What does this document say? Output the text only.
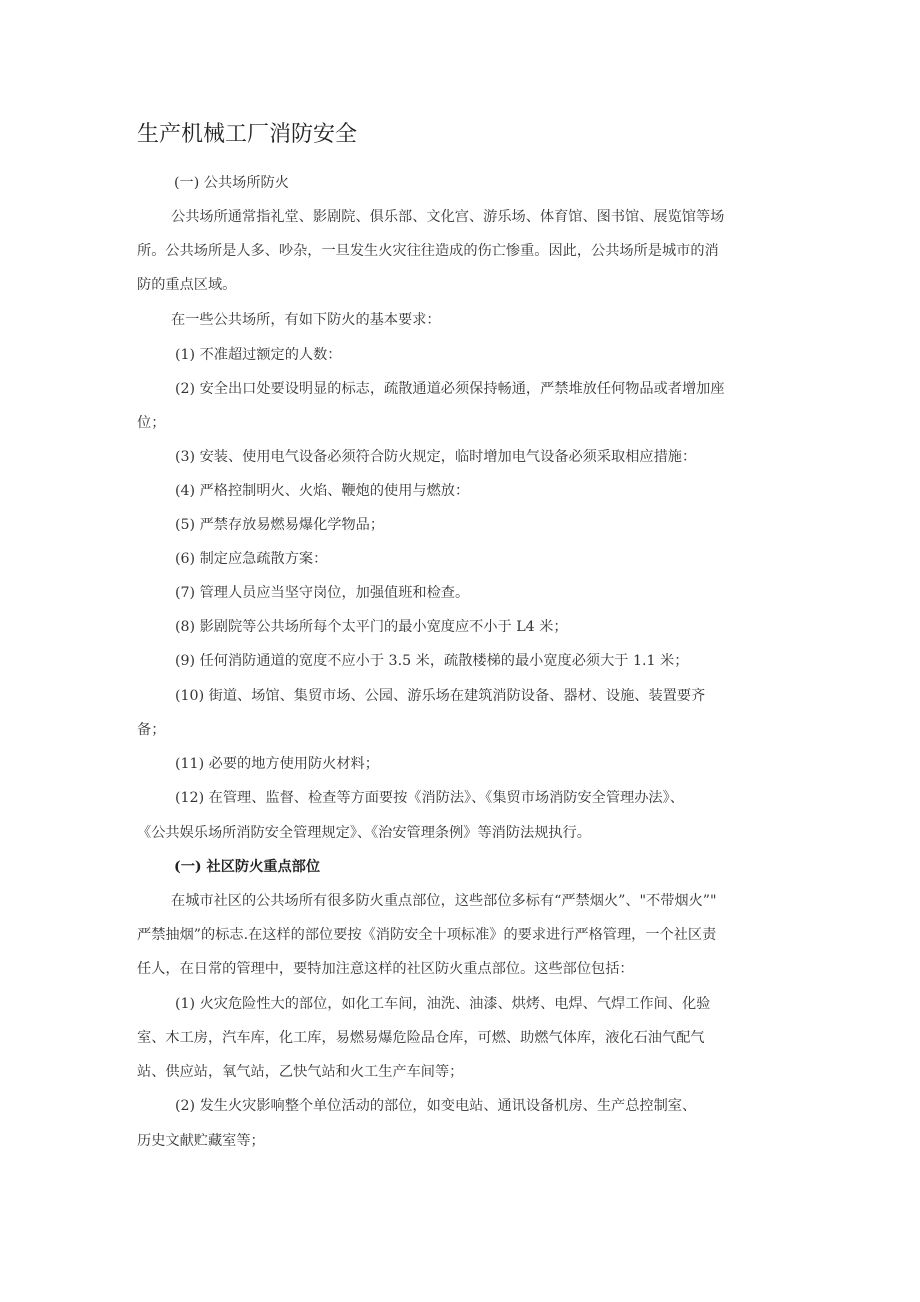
生产机械工厂消防安全
(一) 公共场所防火
公共场所通常指礼堂、影剧院、俱乐部、文化宫、游乐场、体育馆、图书馆、展览馆等场
所。公共场所是人多、吵杂，一旦发生火灾往往造成的伤亡惨重。因此，公共场所是城市的消
防的重点区域。
在一些公共场所，有如下防火的基本要求：
(1) 不准超过额定的人数：
(2) 安全出口处要设明显的标志，疏散通道必须保持畅通，严禁堆放任何物品或者增加座
位；
(3) 安装、使用电气设备必须符合防火规定，临时增加电气设备必须采取相应措施：
(4) 严格控制明火、火焰、鞭炮的使用与燃放：
(5) 严禁存放易燃易爆化学物品；
(6) 制定应急疏散方案：
(7) 管理人员应当坚守岗位，加强值班和检查。
(8) 影剧院等公共场所每个太平门的最小宽度应不小于 L4 米；
(9) 任何消防通道的宽度不应小于 3.5 米，疏散楼梯的最小宽度必须大于 1.1 米；
(10) 街道、场馆、集贸市场、公园、游乐场在建筑消防设备、器材、设施、装置要齐
备；
(11) 必要的地方使用防火材料；
(12) 在管理、监督、检查等方面要按《消防法》、《集贸市场消防安全管理办法》、
《公共娱乐场所消防安全管理规定》、《治安管理条例》等消防法规执行。
(一) 社区防火重点部位
在城市社区的公共场所有很多防火重点部位，这些部位多标有“严禁烟火”、"不带烟火”"
严禁抽烟”的标志.在这样的部位要按《消防安全十项标准》的要求进行严格管理，一个社区责
任人，在日常的管理中，要特加注意这样的社区防火重点部位。这些部位包括：
(1) 火灾危险性大的部位，如化工车间，油洗、油漆、烘烤、电焊、气焊工作间、化验
室、木工房，汽车库，化工库，易燃易爆危险品仓库，可燃、助燃气体库，液化石油气配气
站、供应站，氧气站，乙快气站和火工生产车间等；
(2) 发生火灾影响整个单位活动的部位，如变电站、通讯设备机房、生产总控制室、
历史文献贮藏室等；
